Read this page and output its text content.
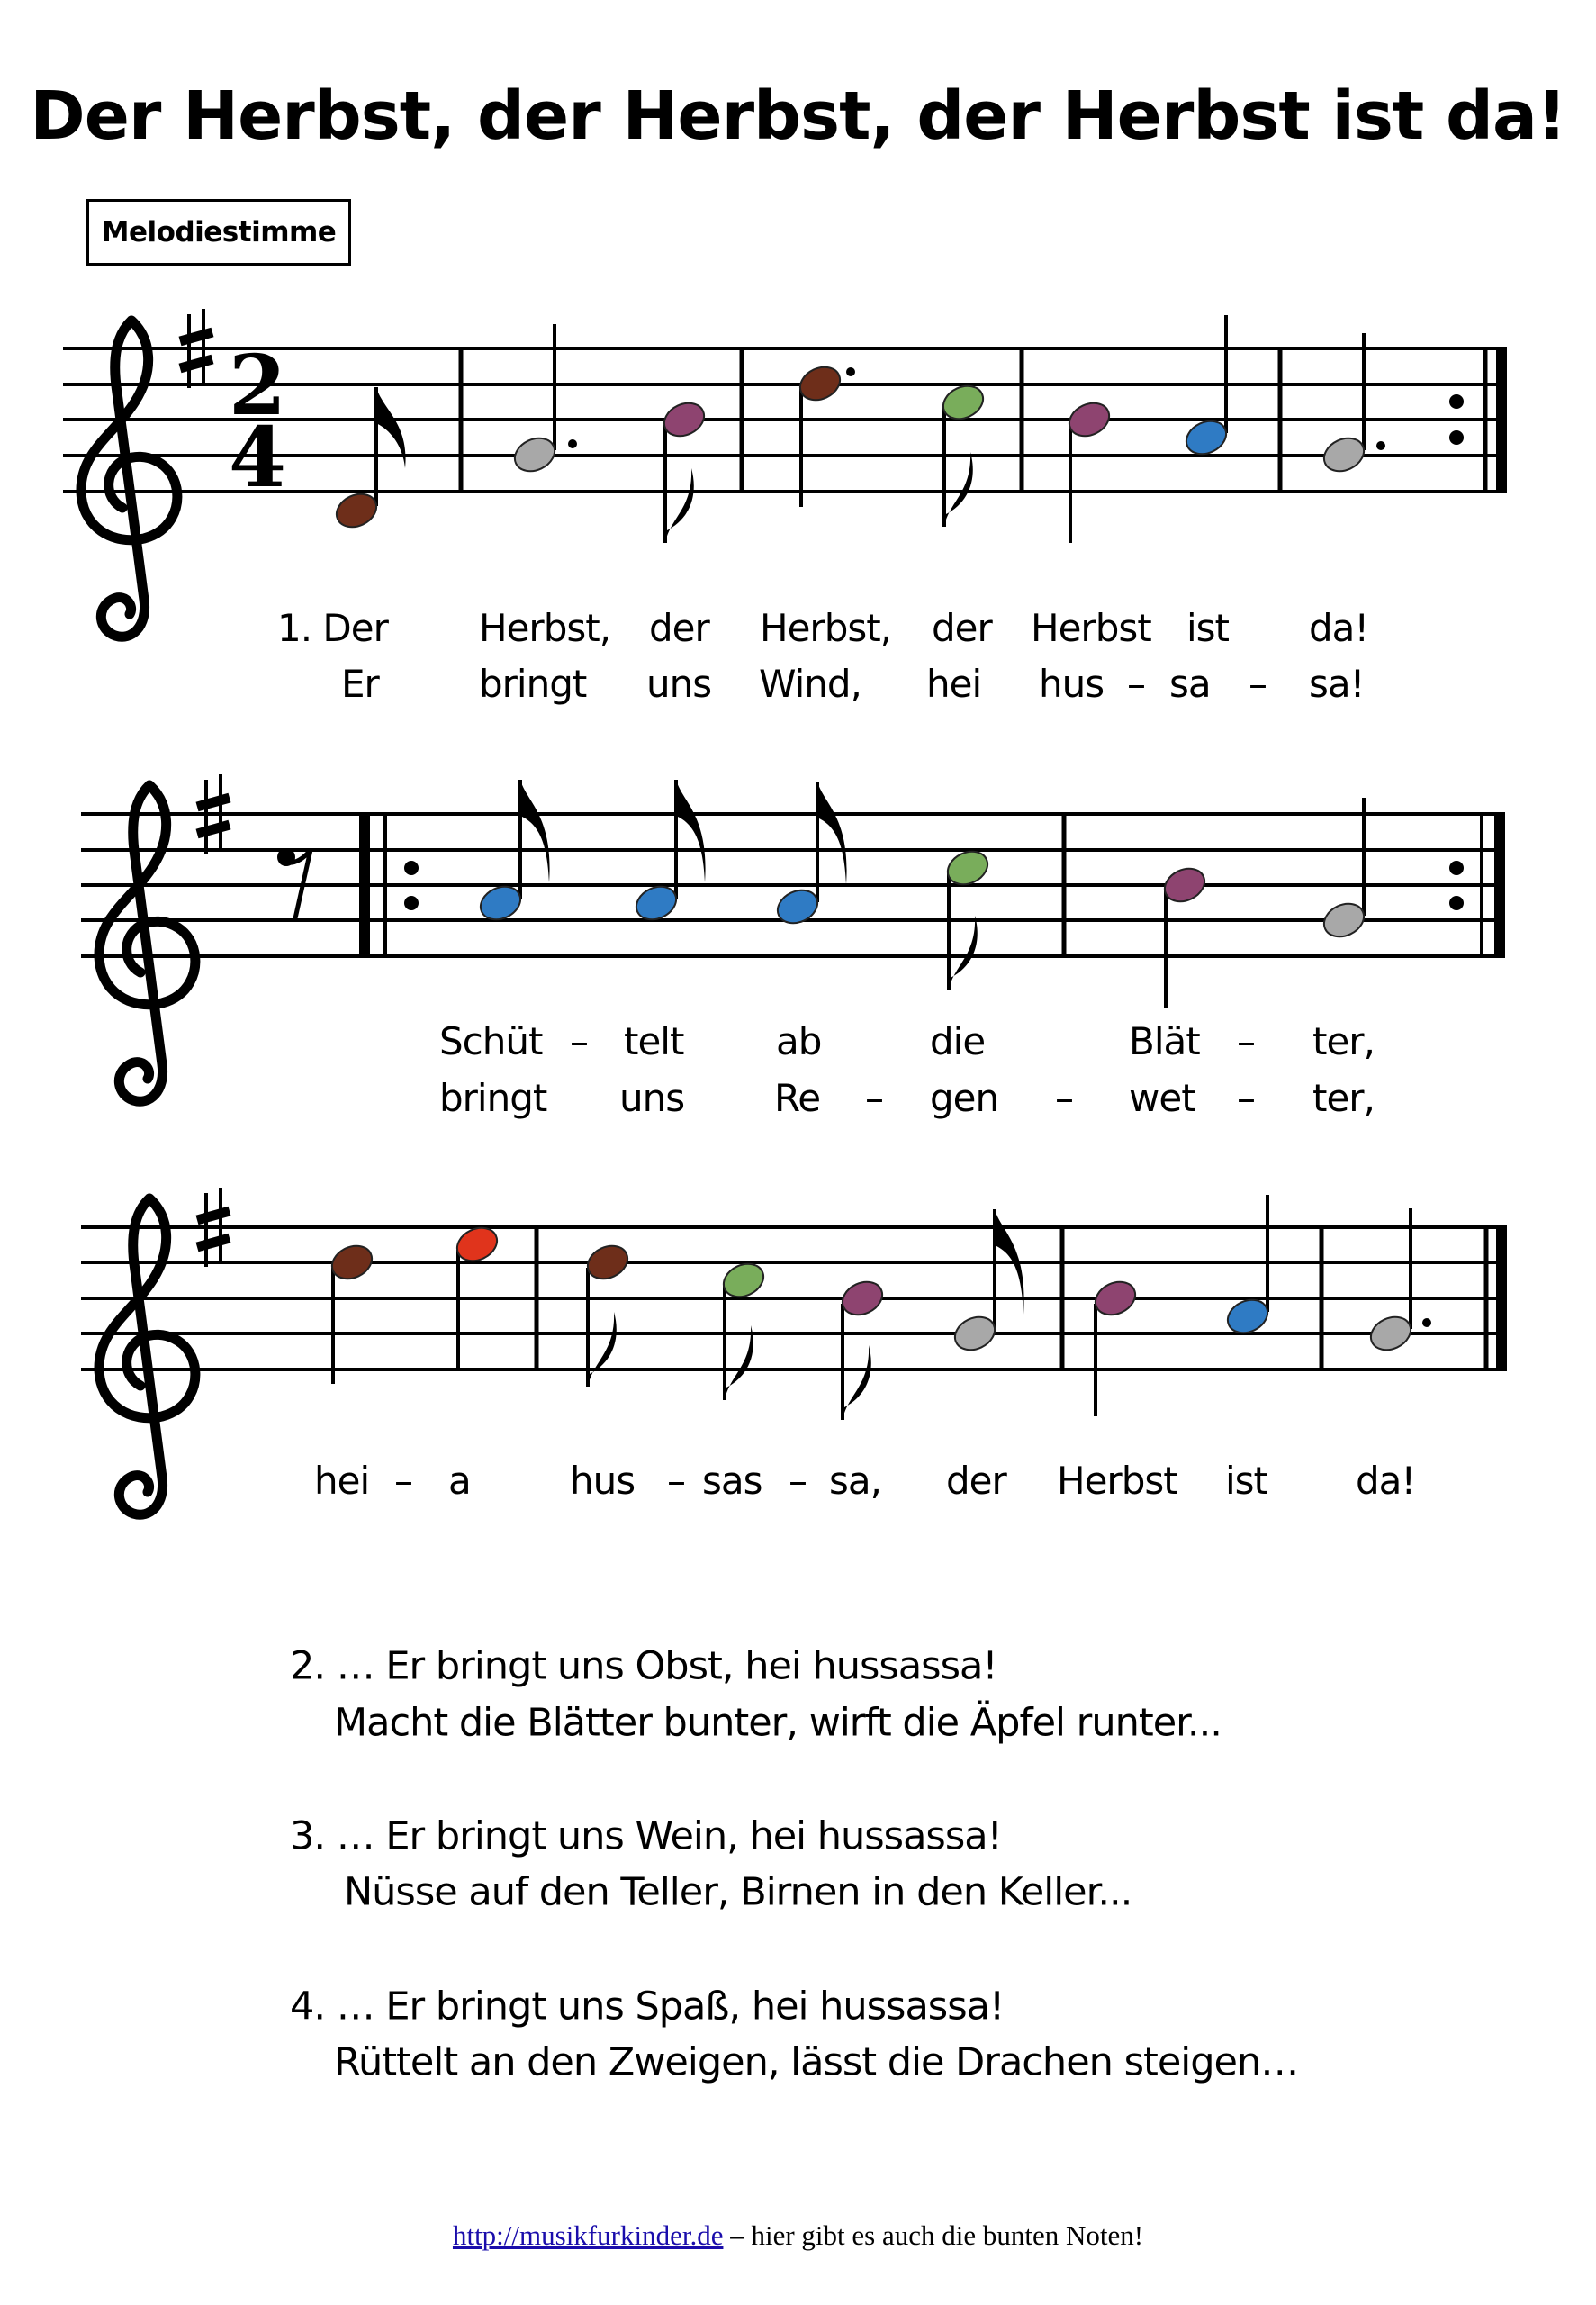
Der Herbst, der Herbst, der Herbst ist da!
Melodiestimme
2
4
1. Der Herbst, der Herbst, der Herbst ist da!
Er	bringt uns Wind, hei hus – sa – sa!
Schüt – telt ab	die	Blät – ter,
bringt uns Re – gen – wet – ter,
hei – a	hus – sas – sa, der Herbst ist da!
2. … Er bringt uns Obst, hei hussassa!
Macht die Blätter bunter, wirft die Äpfel runter...
3. … Er bringt uns Wein, hei hussassa!
Nüsse auf den Teller, Birnen in den Keller...
4. … Er bringt uns Spaß, hei hussassa!
Rüttelt an den Zweigen, lässt die Drachen steigen…
http://musikfurkinder.de – hier gibt es auch die bunten Noten!
